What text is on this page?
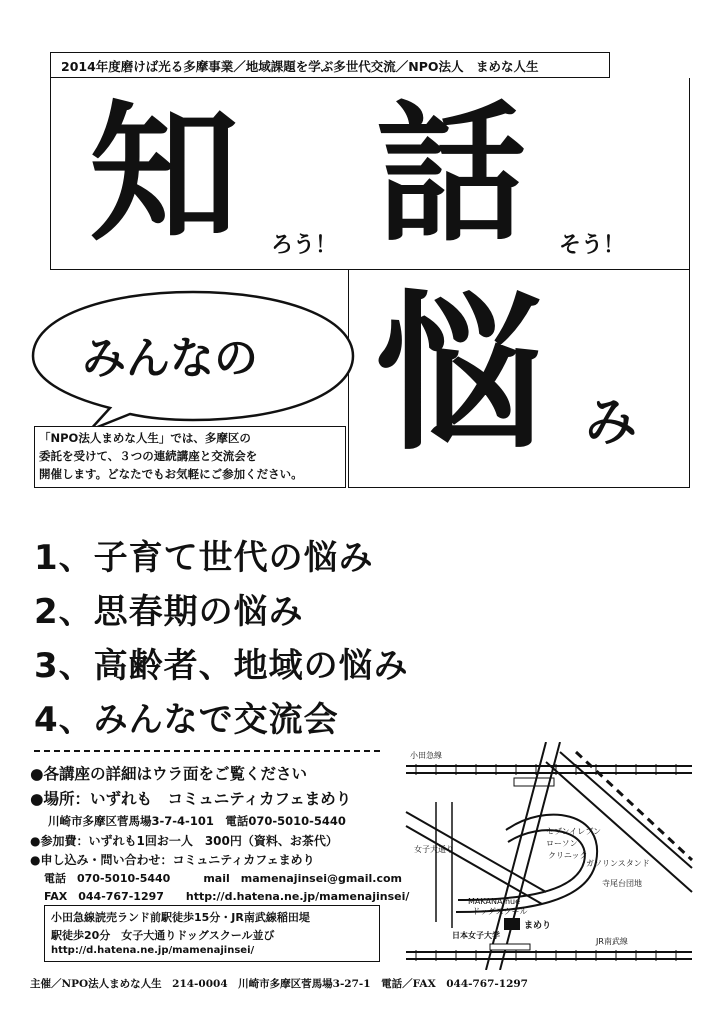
2014年度磨けば光る多摩事業／地域課題を学ぶ多世代交流／NPO法人　まめな人生
知 ろう！ 話 そう！
悩 み
みんなの
「NPO法人まめな人生」では、多摩区の
委託を受けて、３つの連続講座と交流会を
開催します。どなたでもお気軽にご参加ください。
1、子育て世代の悩み
2、思春期の悩み
3、高齢者、地域の悩み
4、みんなで交流会
●各講座の詳細はウラ面をご覧ください
●場所：いずれも　コミュニティカフェまめり
川崎市多摩区菅馬場3-7-4-101　電話070-5010-5440
●参加費：いずれも1回お一人　300円（資料、お茶代）
●申し込み・問い合わせ：コミュニティカフェまめり
電話　070-5010-5440　　　mail　mamenajinsei@gmail.com
FAX　044-767-1297　　http://d.hatena.ne.jp/mamenajinsei/
小田急線読売ランド前駅徒歩15分・JR南武線稲田堤
駅徒歩20分　女子大通りドッグスクール並び
http://d.hatena.ne.jp/mamenajinsei/
小田急線
セブンイレブン
ローソン
クリニック
ガソリンスタンド
寺尾台団地
MAKANA hue
ドッグスクール
まめり
日本女子大学
JR南武線
女子大通り
主催／NPO法人まめな人生　214-0004　川崎市多摩区菅馬場3-27-1　電話／FAX　044-767-1297
